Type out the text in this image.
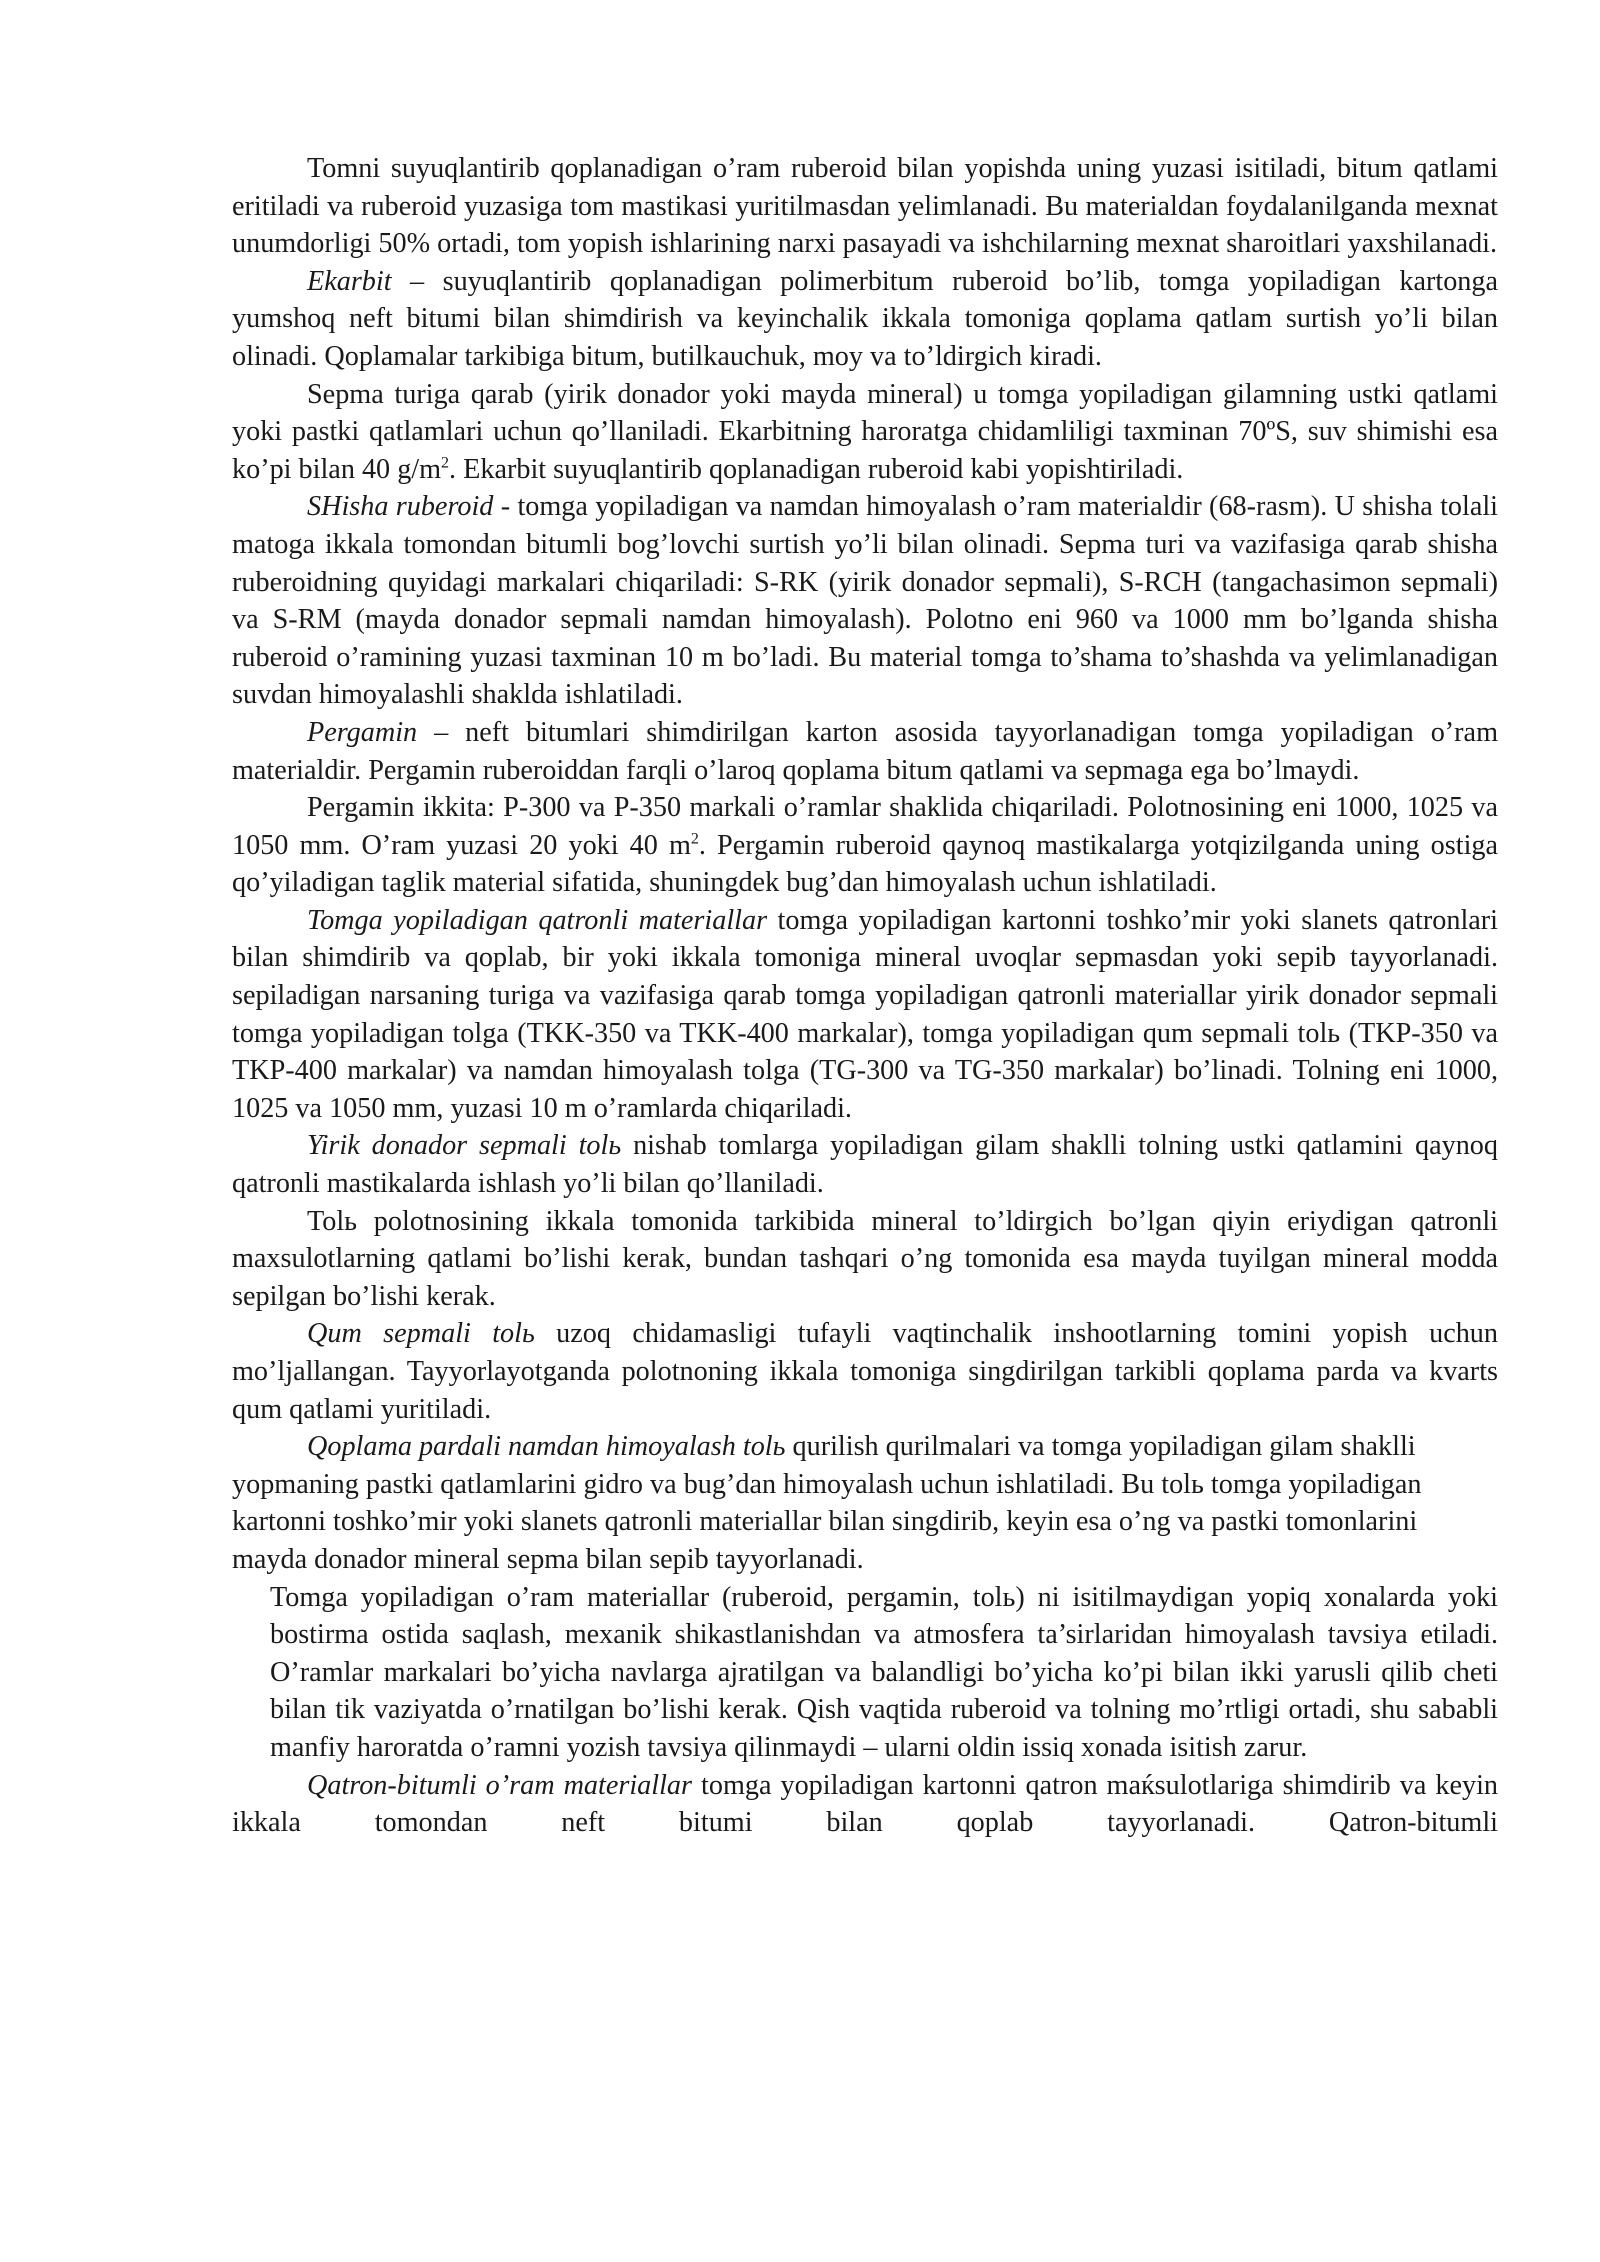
Tomni suyuqlantirib qoplanadigan o’ram ruberoid bilan yopishda uning yuzasi isitiladi, bitum qatlami eritiladi va ruberoid yuzasiga tom mastikasi yuritilmasdan yelimlanadi. Bu materialdan foydalanilganda mexnat unumdorligi 50% ortadi, tom yopish ishlarining narxi pasayadi va ishchilarning mexnat sharoitlari yaxshilanadi.

Ekarbit – suyuqlantirib qoplanadigan polimerbitum ruberoid bo’lib, tomga yopiladigan kartonga yumshoq neft bitumi bilan shimdirish va keyinchalik ikkala tomoniga qoplama qatlam surtish yo’li bilan olinadi. Qoplamalar tarkibiga bitum, butilkauchuk, moy va to’ldirgich kiradi.

Sepma turiga qarab (yirik donador yoki mayda mineral) u tomga yopiladigan gilamning ustki qatlami yoki pastki qatlamlari uchun qo’llaniladi. Ekarbitning haroratga chidamliligi taxminan 70ºS, suv shimishi esa ko’pi bilan 40 $g/m^2$. Ekarbit suyuqlantirib qoplanadigan ruberoid kabi yopishtiriladi.

SHisha ruberoid - tomga yopiladigan va namdan himoyalash o’ram materialdir (68-rasm). U shisha tolali matoga ikkala tomondan bitumli bog’lovchi surtish yo’li bilan olinadi. Sepma turi va vazifasiga qarab shisha ruberoidning quyidagi markalari chiqariladi: S-RK (yirik donador sepmali), S-RCH (tangachasimon sepmali) va S-RM (mayda donador sepmali namdan himoyalash). Polotno eni 960 va 1000 mm bo’lganda shisha ruberoid o’ramining yuzasi taxminan 10 m bo’ladi. Bu material tomga to’shama to’shashda va yelimlanadigan suvdan himoyalashli shaklda ishlatiladi.

Pergamin – neft bitumlari shimdirilgan karton asosida tayyorlanadigan tomga yopiladigan o’ram materialdir. Pergamin ruberoiddan farqli o’laroq qoplama bitum qatlami va sepmaga ega bo’lmaydi.

Pergamin ikkita: P-300 va P-350 markali o’ramlar shaklida chiqariladi. Polotnosining eni 1000, 1025 va 1050 mm. O’ram yuzasi 20 yoki 40 $m^2$. Pergamin ruberoid qaynoq mastikalarga yotqizilganda uning ostiga qo’yiladigan taglik material sifatida, shuningdek bug’dan himoyalash uchun ishlatiladi.

Tomga yopiladigan qatronli materiallar tomga yopiladigan kartonni toshko’mir yoki slanets qatronlari bilan shimdirib va qoplab, bir yoki ikkala tomoniga mineral uvoqlar sepmasdan yoki sepib tayyorlanadi. sepiladigan narsaning turiga va vazifasiga qarab tomga yopiladigan qatronli materiallar yirik donador sepmali tomga yopiladigan tolga (TKK-350 va TKK-400 markalar), tomga yopiladigan qum sepmali tolь (TKP-350 va TKP-400 markalar) va namdan himoyalash tolga (TG-300 va TG-350 markalar) bo’linadi. Tolning eni 1000, 1025 va 1050 mm, yuzasi 10 m o’ramlarda chiqariladi.

Yirik donador sepmali tolь nishab tomlarga yopiladigan gilam shaklli tolning ustki qatlamini qaynoq qatronli mastikalarda ishlash yo’li bilan qo’llaniladi.

Tolь polotnosining ikkala tomonida tarkibida mineral to’ldirgich bo’lgan qiyin eriydigan qatronli maxsulotlarning qatlami bo’lishi kerak, bundan tashqari o’ng tomonida esa mayda tuyilgan mineral modda sepilgan bo’lishi kerak.

Qum sepmali tolь uzoq chidamasligi tufayli vaqtinchalik inshootlarning tomini yopish uchun mo’ljallangan. Tayyorlayotganda polotnoning ikkala tomoniga singdirilgan tarkibli qoplama parda va kvarts qum qatlami yuritiladi.

Qoplama pardali namdan himoyalash tolь qurilish qurilmalari va tomga yopiladigan gilam shaklli yopmaning pastki qatlamlarini gidro va bug’dan himoyalash uchun ishlatiladi. Bu tolь tomga yopiladigan kartonni toshko’mir yoki slanets qatronli materiallar bilan singdirib, keyin esa o’ng va pastki tomonlarini mayda donador mineral sepma bilan sepib tayyorlanadi.

Tomga yopiladigan o’ram materiallar (ruberoid, pergamin, tolь) ni isitilmaydigan yopiq xonalarda yoki bostirma ostida saqlash, mexanik shikastlanishdan va atmosfera ta’sirlaridan himoyalash tavsiya etiladi. O’ramlar markalari bo’yicha navlarga ajratilgan va balandligi bo’yicha ko’pi bilan ikki yarusli qilib cheti bilan tik vaziyatda o’rnatilgan bo’lishi kerak. Qish vaqtida ruberoid va tolning mo’rtligi ortadi, shu sababli manfiy haroratda o’ramni yozish tavsiya qilinmaydi – ularni oldin issiq xonada isitish zarur.

Qatron-bitumli o’ram materiallar tomga yopiladigan kartonni qatron maќsulotlariga shimdirib va keyin ikkala tomondan neft bitumi bilan qoplab tayyorlanadi. Qatron-bitumli
